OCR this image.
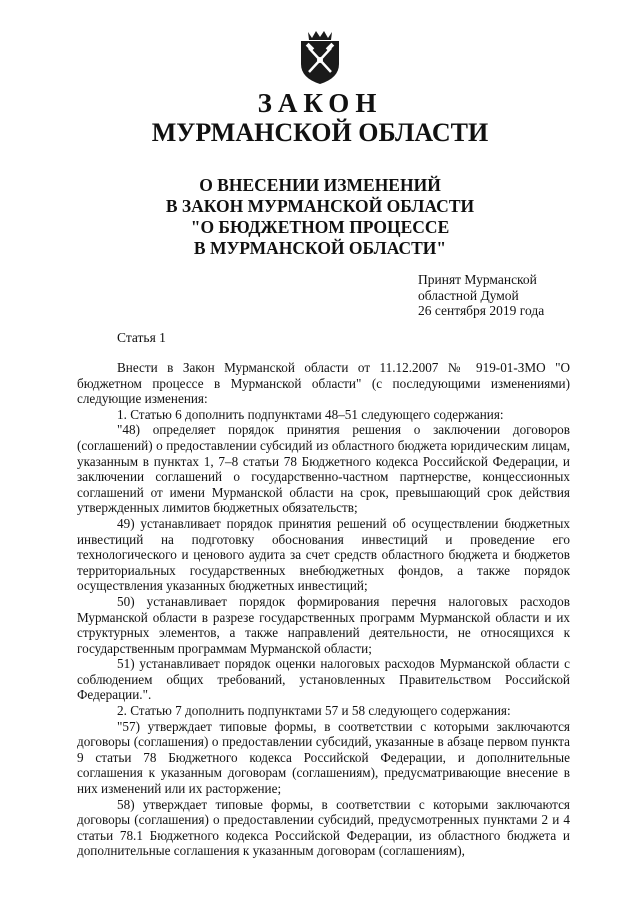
ЗАКОН
МУРМАНСКОЙ ОБЛАСТИ
О ВНЕСЕНИИ ИЗМЕНЕНИЙ
В ЗАКОН МУРМАНСКОЙ ОБЛАСТИ
"О БЮДЖЕТНОМ ПРОЦЕССЕ
В МУРМАНСКОЙ ОБЛАСТИ"
Принят Мурманской
областной Думой
26 сентября 2019 года
Статья 1

Внести в Закон Мурманской области от 11.12.2007 № 919-01-ЗМО "О бюджетном процессе в Мурманской области" (с последующими изменениями) следующие изменения:

1. Статью 6 дополнить подпунктами 48–51 следующего содержания:

"48) определяет порядок принятия решения о заключении договоров (соглашений) о предоставлении субсидий из областного бюджета юридическим лицам, указанным в пунктах 1, 7–8 статьи 78 Бюджетного кодекса Российской Федерации, и заключении соглашений о государственно-частном партнерстве, концессионных соглашений от имени Мурманской области на срок, превышающий срок действия утвержденных лимитов бюджетных обязательств;

49) устанавливает порядок принятия решений об осуществлении бюджетных инвестиций на подготовку обоснования инвестиций и проведение его технологического и ценового аудита за счет средств областного бюджета и бюджетов территориальных государственных внебюджетных фондов, а также порядок осуществления указанных бюджетных инвестиций;

50) устанавливает порядок формирования перечня налоговых расходов Мурманской области в разрезе государственных программ Мурманской области и их структурных элементов, а также направлений деятельности, не относящихся к государственным программам Мурманской области;

51) устанавливает порядок оценки налоговых расходов Мурманской области с соблюдением общих требований, установленных Правительством Российской Федерации.".

2. Статью 7 дополнить подпунктами 57 и 58 следующего содержания:

"57) утверждает типовые формы, в соответствии с которыми заключаются договоры (соглашения) о предоставлении субсидий, указанные в абзаце первом пункта 9 статьи 78 Бюджетного кодекса Российской Федерации, и дополнительные соглашения к указанным договорам (соглашениям), предусматривающие внесение в них изменений или их расторжение;

58) утверждает типовые формы, в соответствии с которыми заключаются договоры (соглашения) о предоставлении субсидий, предусмотренных пунктами 2 и 4 статьи 78.1 Бюджетного кодекса Российской Федерации, из областного бюджета и дополнительные соглашения к указанным договорам (соглашениям),
